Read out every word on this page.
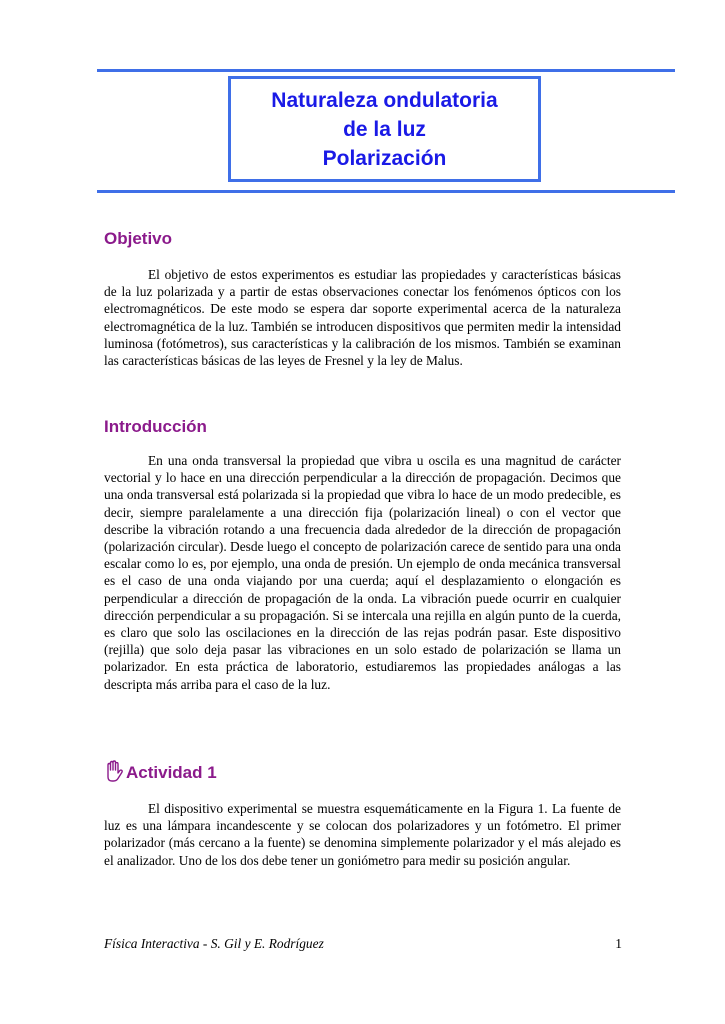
Naturaleza ondulatoria
de la luz
Polarización
Objetivo

El objetivo de estos experimentos es estudiar las propiedades y características básicas de la luz polarizada y a partir de estas observaciones conectar los fenómenos ópticos con los electromagnéticos. De este modo se espera dar soporte experimental acerca de la naturaleza electromagnética de la luz. También se introducen dispositivos que permiten medir la intensidad luminosa (fotómetros), sus características y la calibración de los mismos. También se examinan las características básicas de las leyes de Fresnel y la ley de Malus.

Introducción

En una onda transversal la propiedad que vibra u oscila es una magnitud de carácter vectorial y lo hace en una dirección perpendicular a la dirección de propagación. Decimos que una onda transversal está polarizada si la propiedad que vibra lo hace de un modo predecible, es decir, siempre paralelamente a una dirección fija (polarización lineal) o con el vector que describe la vibración rotando a una frecuencia dada alrededor de la dirección de propagación (polarización circular). Desde luego el concepto de polarización carece de sentido para una onda escalar como lo es, por ejemplo, una onda de presión. Un ejemplo de onda mecánica transversal es el caso de una onda viajando por una cuerda; aquí el desplazamiento o elongación es perpendicular a dirección de propagación de la onda. La vibración puede ocurrir en cualquier dirección perpendicular a su propagación. Si se intercala una rejilla en algún punto de la cuerda, es claro que solo las oscilaciones en la dirección de las rejas podrán pasar. Este dispositivo (rejilla) que solo deja pasar las vibraciones en un solo estado de polarización se llama un polarizador. En esta práctica de laboratorio, estudiaremos las propiedades análogas a las descripta más arriba para el caso de la luz.

Actividad 1

El dispositivo experimental se muestra esquemáticamente en la Figura 1. La fuente de luz es una lámpara incandescente y se colocan dos polarizadores y un fotómetro. El primer polarizador (más cercano a la fuente) se denomina simplemente polarizador y el más alejado es el analizador. Uno de los dos debe tener un goniómetro para medir su posición angular.

Física Interactiva - S. Gil y E. Rodríguez	1
